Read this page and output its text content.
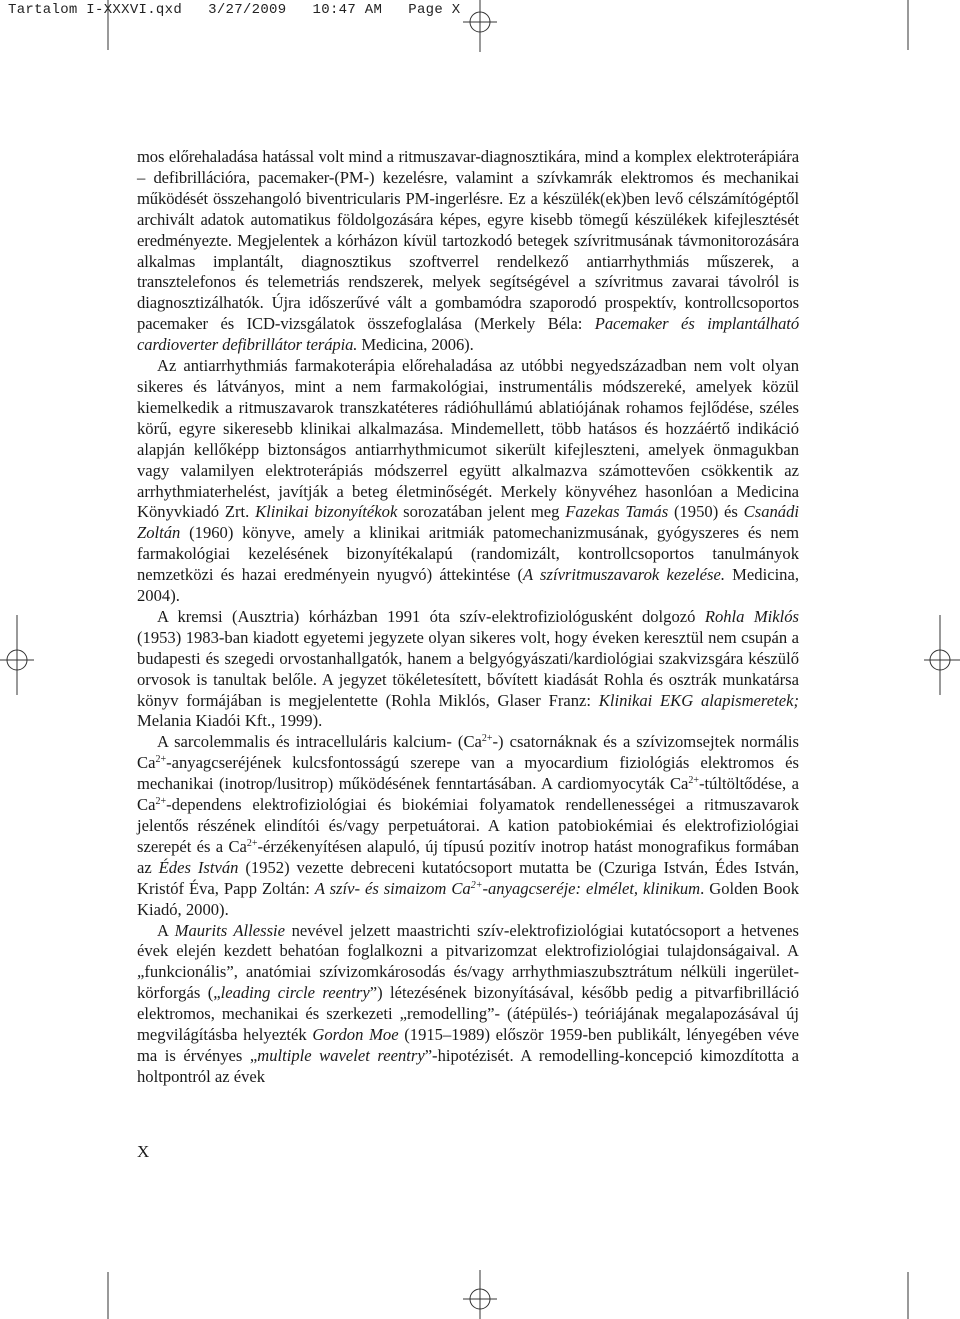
Tartalom I-XXXVI.qxd   3/27/2009   10:47 AM   Page X

mos előrehaladása hatással volt mind a ritmuszavar-diagnosztikára, mind a komplex elektroterápiára – defibrillációra, pacemaker-(PM-) kezelésre, valamint a szívkamrák elektromos és mechanikai működését összehangoló biventricularis PM-ingerlésre. Ez a készülék(ek)ben levő célszámítógéptől archivált adatok automatikus földolgozására képes, egyre kisebb tömegű készülékek kifejlesztését eredményezte. Megjelentek a kórházon kívül tartozkodó betegek szívritmusának távmonitorozására alkalmas implantált, diagnosztikus szoftverrel rendelkező antiarrhythmiás műszerek, a transztelefonos és telemetriás rendszerek, melyek segítségével a szívritmus zavarai távolról is diagnosztizálhatók. Újra időszerűvé vált a gombamódra szaporodó prospektív, kontrollcsoportos pacemaker és ICD-vizsgálatok összefoglalása (Merkely Béla: Pacemaker és implantálható cardioverter defibrillátor terápia. Medicina, 2006).

Az antiarrhythmiás farmakoterápia előrehaladása az utóbbi negyedszázadban nem volt olyan sikeres és látványos, mint a nem farmakológiai, instrumentális módszereké, amelyek közül kiemelkedik a ritmuszavarok transzkatéteres rádióhullámú ablatiójának rohamos fejlődése, széles körű, egyre sikeresebb klinikai alkalmazása. Mindemellett, több hatásos és hozzáértő indikáció alapján kellőképp biztonságos antiarrhythmicumot sikerült kifejleszteni, amelyek önmagukban vagy valamilyen elektroterápiás módszerrel együtt alkalmazva számottevően csökkentik az arrhythmiaterhelést, javítják a beteg életminőségét. Merkely könyvéhez hasonlóan a Medicina Könyvkiadó Zrt. Klinikai bizonyítékok sorozatában jelent meg Fazekas Tamás (1950) és Csanádi Zoltán (1960) könyve, amely a klinikai aritmiák patomechanizmusának, gyógyszeres és nem farmakológiai kezelésének bizonyítékalapú (randomizált, kontrollcsoportos tanulmányok nemzetközi és hazai eredményein nyugvó) áttekintése (A szívritmuszavarok kezelése. Medicina, 2004).

A kremsi (Ausztria) kórházban 1991 óta szív-elektrofiziológusként dolgozó Rohla Miklós (1953) 1983-ban kiadott egyetemi jegyzete olyan sikeres volt, hogy éveken keresztül nem csupán a budapesti és szegedi orvostanhallgatók, hanem a belgyógyászati/kardiológiai szakvizsgára készülő orvosok is tanultak belőle. A jegyzet tökéletesített, bővített kiadását Rohla és osztrák munkatársa könyv formájában is megjelentette (Rohla Miklós, Glaser Franz: Klinikai EKG alapismeretek; Melania Kiadói Kft., 1999).

A sarcolemmalis és intracelluláris kalcium- $(Ca^{2+}-)$ csatornáknak és a szívizomsejtek normális $Ca^{2+}$-anyagcseréjének kulcsfontosságú szerepe van a myocardium fiziológiás elektromos és mechanikai (inotrop/lusitrop) működésének fenntartásában. A cardiomyocyták $Ca^{2+}$-túltöltődése, a $Ca^{2+}$-dependens elektrofiziológiai és biokémiai folyamatok rendellenességei a ritmuszavarok jelentős részének elindítói és/vagy perpetuátorai. A kation patobiokémiai és elektrofiziológiai szerepét és a $Ca^{2+}$-érzékenyítésen alapuló, új típusú pozitív inotrop hatást monografikus formában az Édes István (1952) vezette debreceni kutatócsoport mutatta be (Czuriga István, Édes István, Kristóf Éva, Papp Zoltán: A szív- és simaizom $Ca^{2+}$-anyagcseréje: elmélet, klinikum. Golden Book Kiadó, 2000).

A Maurits Allessie nevével jelzett maastrichti szív-elektrofiziológiai kutatócsoport a hetvenes évek elején kezdett behatóan foglalkozni a pitvarizomzat elektrofiziológiai tulajdonságaival. A „funkcionális”, anatómiai szívizomkárosodás és/vagy arrhythmiaszubsztrátum nélküli ingerület-körforgás („leading circle reentry”) létezésének bizonyításával, később pedig a pitvarfibrilláció elektromos, mechanikai és szerkezeti „remodelling”- (átépülés-) teóriájának megalapozásával új megvilágításba helyezték Gordon Moe (1915–1989) először 1959-ben publikált, lényegében véve ma is érvényes „multiple wavelet reentry”-hipotézisét. A remodelling-koncepció kimozdította a holtpontról az évek

X
